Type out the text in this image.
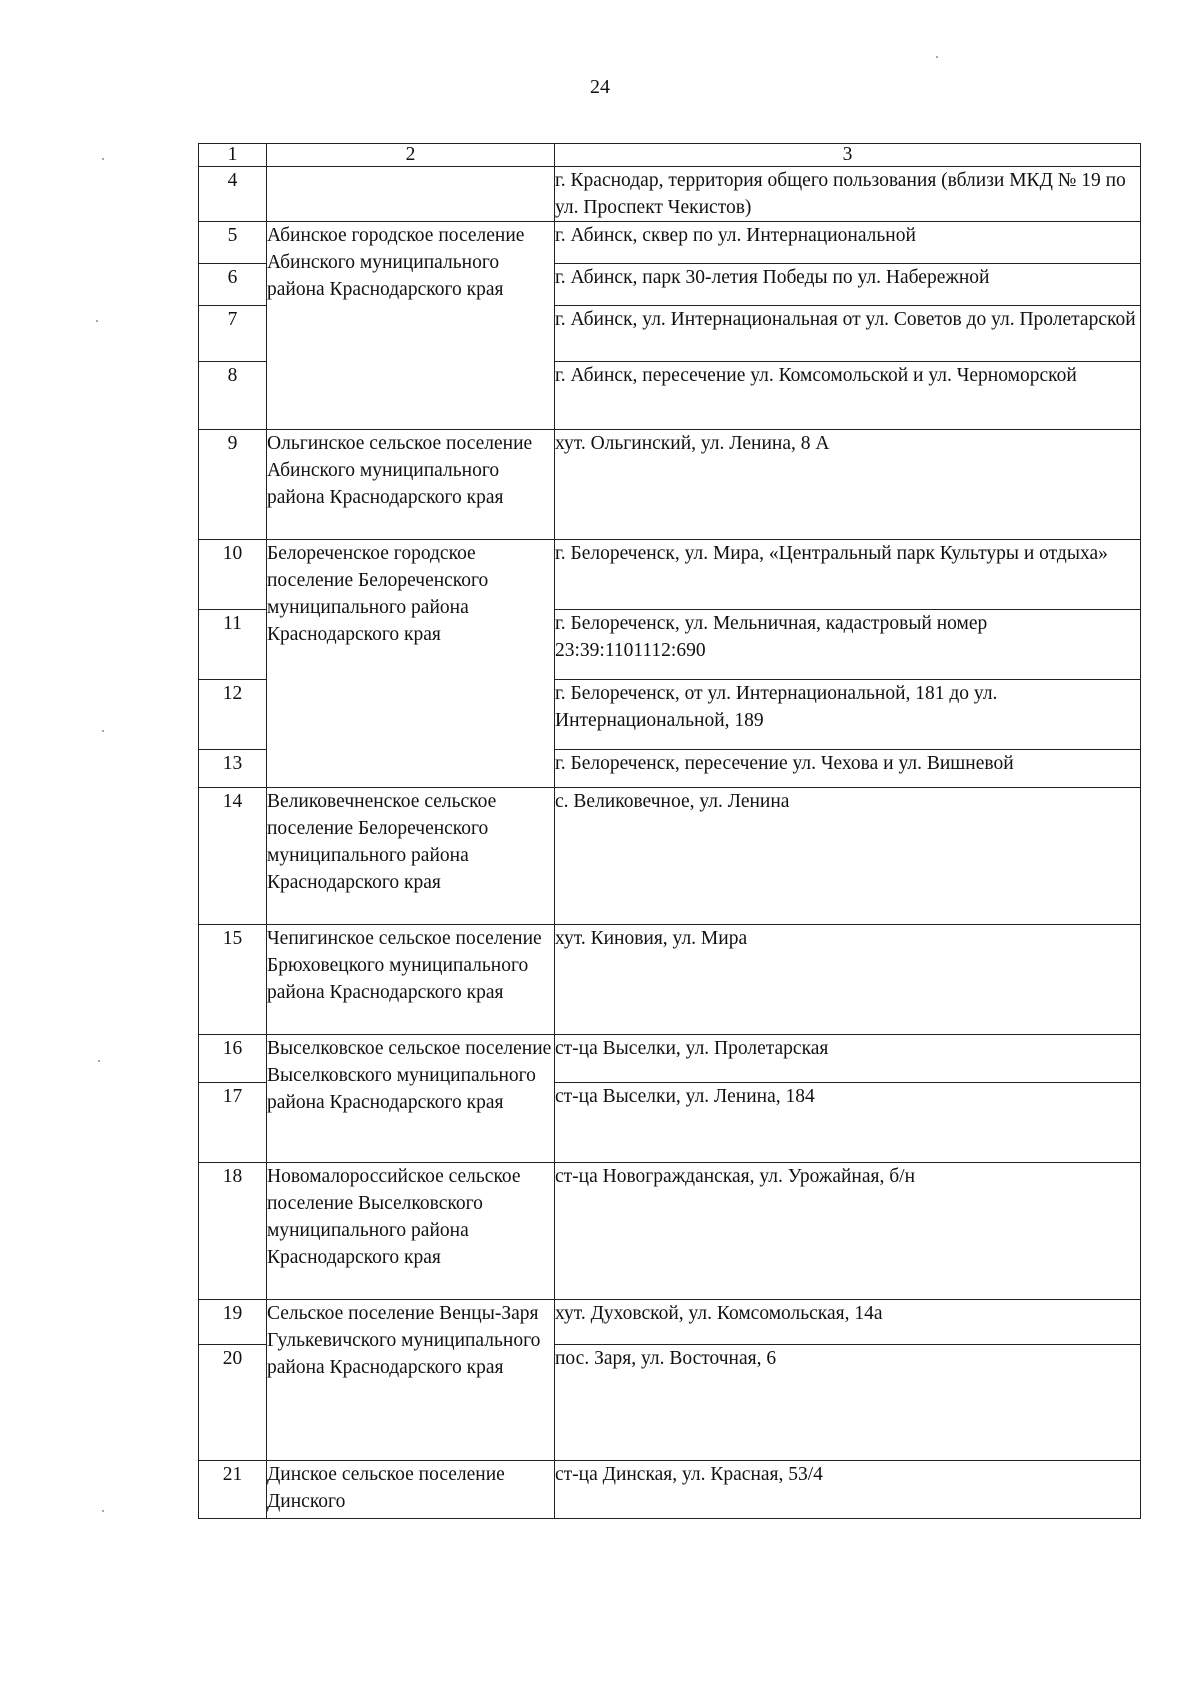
24
1	2	3
4		г. Краснодар, территория общего пользования (вблизи МКД № 19 по ул. Проспект Чекистов)
5	Абинское городское поселение Абинского муниципального района Краснодарского края	г. Абинск, сквер по ул. Интернациональной
6		г. Абинск, парк 30-летия Победы по ул. Набережной
7		г. Абинск, ул. Интернациональная от ул. Советов до ул. Пролетарской
8		г. Абинск, пересечение ул. Комсомольской и ул. Черноморской
9	Ольгинское сельское поселение Абинского муниципального района Краснодарского края	хут. Ольгинский, ул. Ленина, 8 А
10	Белореченское городское поселение Белореченского муниципального района Краснодарского края	г. Белореченск, ул. Мира, «Центральный парк Культуры и отдыха»
11		г. Белореченск, ул. Мельничная, кадастровый номер 23:39:1101112:690
12		г. Белореченск, от ул. Интернациональной, 181 до ул. Интернациональной, 189
13		г. Белореченск, пересечение ул. Чехова и ул. Вишневой
14	Великовечненское сельское поселение Белореченского муниципального района Краснодарского края	с. Великовечное, ул. Ленина
15	Чепигинское сельское поселение Брюховецкого муниципального района Краснодарского края	хут. Киновия, ул. Мира
16	Выселковское сельское поселение Выселковского муниципального района Краснодарского края	ст-ца Выселки, ул. Пролетарская
17		ст-ца Выселки, ул. Ленина, 184
18	Новомалороссийское сельское поселение Выселковского муниципального района Краснодарского края	ст-ца Новогражданская, ул. Урожайная, б/н
19	Сельское поселение Венцы-Заря Гулькевичского муниципального района Краснодарского края	хут. Духовской, ул. Комсомольская, 14а
20		пос. Заря, ул. Восточная, 6
21	Динское сельское поселение Динского	ст-ца Динская, ул. Красная, 53/4
